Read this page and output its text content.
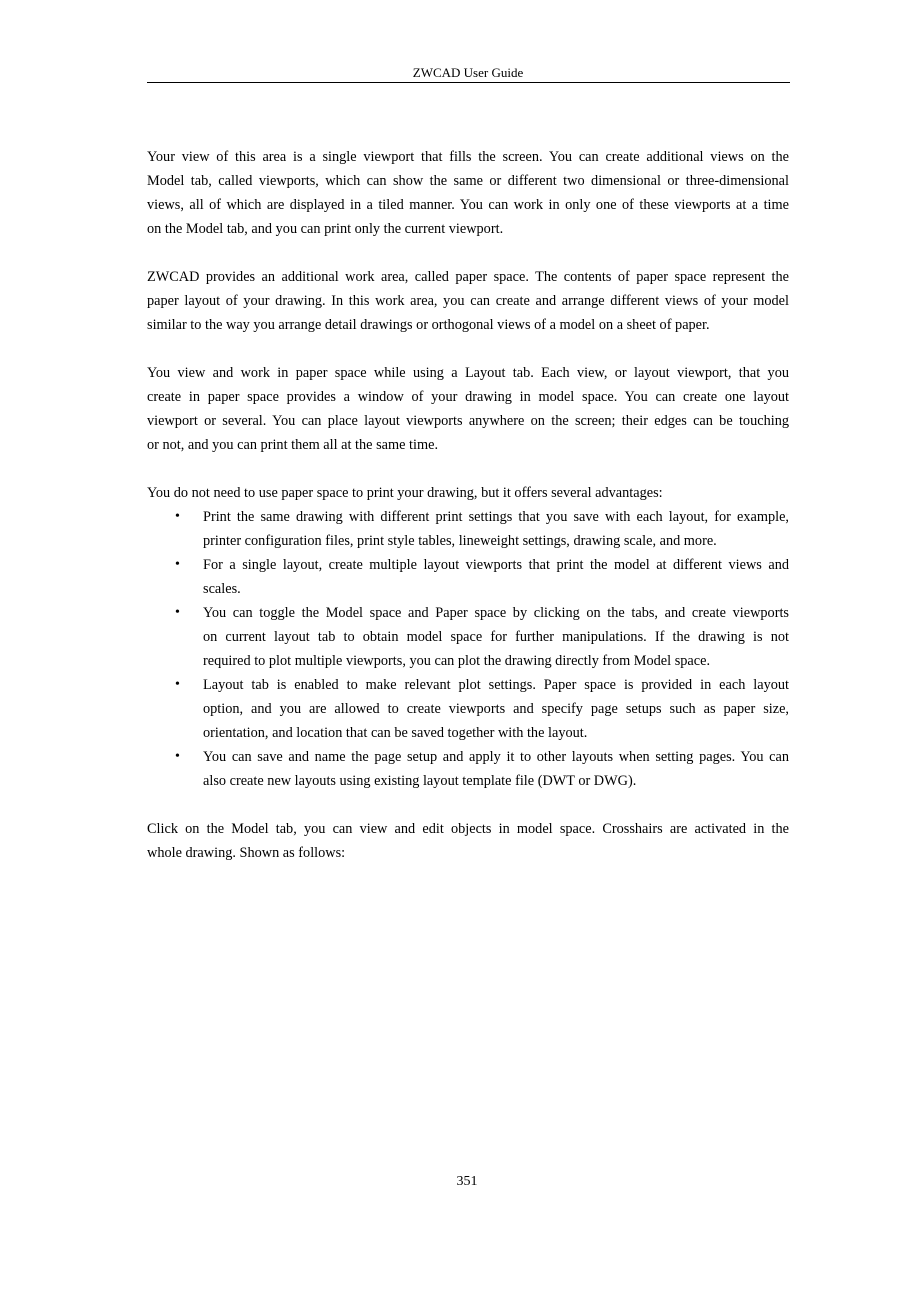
ZWCAD User Guide
Your view of this area is a single viewport that fills the screen. You can create additional views on the
Model tab, called viewports, which can show the same or different two dimensional or three-dimensional
views, all of which are displayed in a tiled manner. You can work in only one of these viewports at a time
on the Model tab, and you can print only the current viewport.
ZWCAD provides an additional work area, called paper space. The contents of paper space represent the
paper layout of your drawing. In this work area, you can create and arrange different views of your model
similar to the way you arrange detail drawings or orthogonal views of a model on a sheet of paper.
You view and work in paper space while using a Layout tab. Each view, or layout viewport, that you
create in paper space provides a window of your drawing in model space. You can create one layout
viewport or several. You can place layout viewports anywhere on the screen; their edges can be touching
or not, and you can print them all at the same time.
You do not need to use paper space to print your drawing, but it offers several advantages:
• Print the same drawing with different print settings that you save with each layout, for example,
printer configuration files, print style tables, lineweight settings, drawing scale, and more.
• For a single layout, create multiple layout viewports that print the model at different views and
scales.
• You can toggle the Model space and Paper space by clicking on the tabs, and create viewports
on current layout tab to obtain model space for further manipulations. If the drawing is not
required to plot multiple viewports, you can plot the drawing directly from Model space.
• Layout tab is enabled to make relevant plot settings. Paper space is provided in each layout
option, and you are allowed to create viewports and specify page setups such as paper size,
orientation, and location that can be saved together with the layout.
• You can save and name the page setup and apply it to other layouts when setting pages. You can
also create new layouts using existing layout template file (DWT or DWG).
Click on the Model tab, you can view and edit objects in model space. Crosshairs are activated in the
whole drawing. Shown as follows:
351
